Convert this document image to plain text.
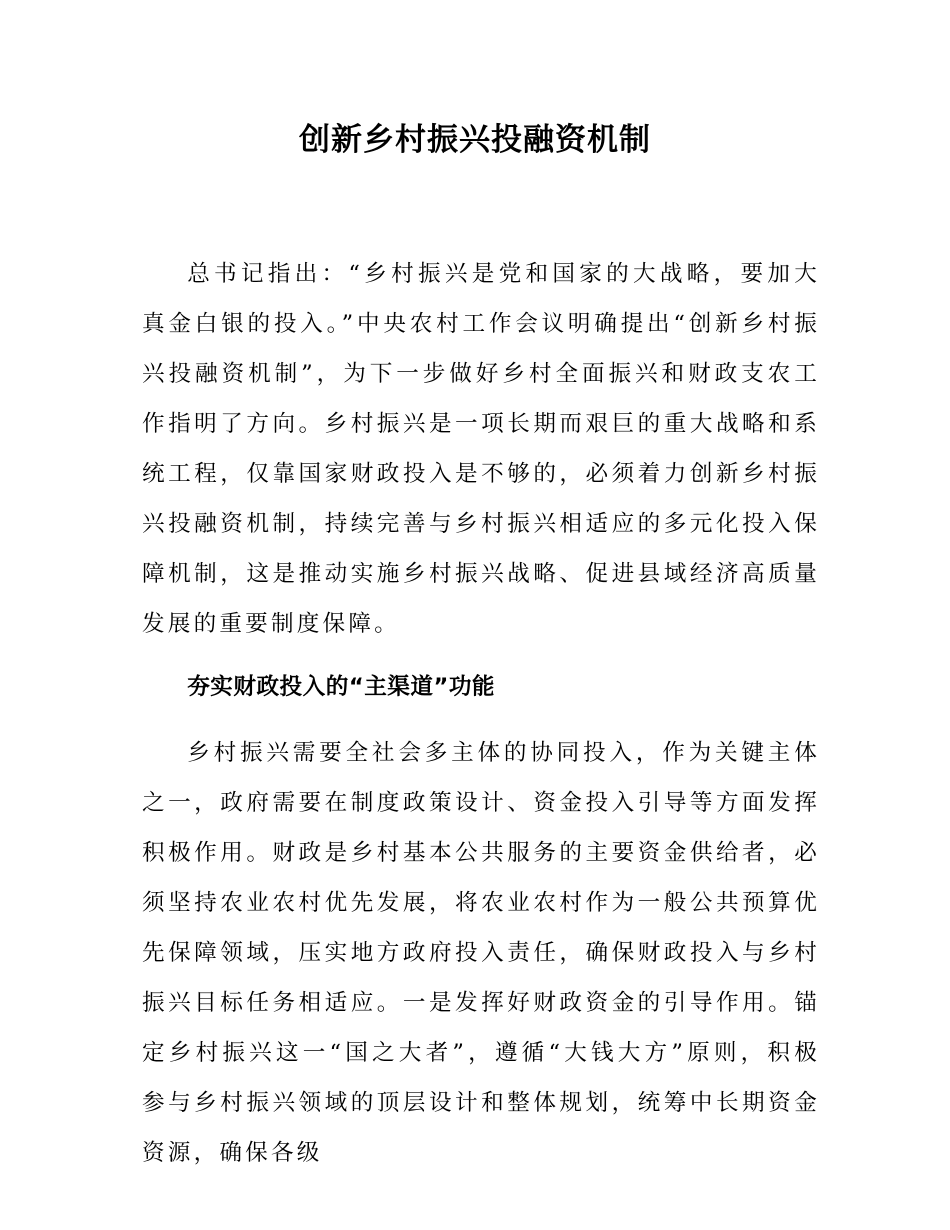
创新乡村振兴投融资机制

总书记指出：“乡村振兴是党和国家的大战略，要加大真金白银的投入。”中央农村工作会议明确提出“创新乡村振兴投融资机制”，为下一步做好乡村全面振兴和财政支农工作指明了方向。乡村振兴是一项长期而艰巨的重大战略和系统工程，仅靠国家财政投入是不够的，必须着力创新乡村振兴投融资机制，持续完善与乡村振兴相适应的多元化投入保障机制，这是推动实施乡村振兴战略、促进县域经济高质量发展的重要制度保障。

夯实财政投入的“主渠道”功能

乡村振兴需要全社会多主体的协同投入，作为关键主体之一，政府需要在制度政策设计、资金投入引导等方面发挥积极作用。财政是乡村基本公共服务的主要资金供给者，必须坚持农业农村优先发展，将农业农村作为一般公共预算优先保障领域，压实地方政府投入责任，确保财政投入与乡村振兴目标任务相适应。一是发挥好财政资金的引导作用。锚定乡村振兴这一“国之大者”，遵循“大钱大方”原则，积极参与乡村振兴领域的顶层设计和整体规划，统筹中长期资金资源，确保各级
